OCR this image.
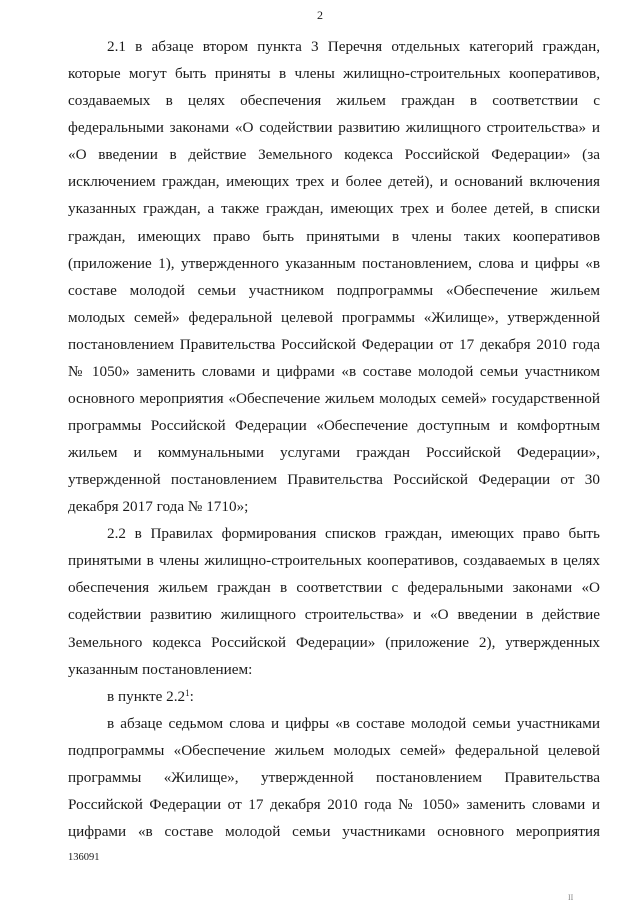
2
2.1 в абзаце втором пункта 3 Перечня отдельных категорий граждан,
которые могут быть приняты в члены жилищно-строительных кооперативов,
создаваемых в целях обеспечения жильем граждан в соответствии с
федеральными законами «О содействии развитию жилищного строительства» и
«О введении в действие Земельного кодекса Российской Федерации» (за
исключением граждан, имеющих трех и более детей), и оснований включения
указанных граждан, а также граждан, имеющих трех и более детей, в списки
граждан, имеющих право быть принятыми в члены таких кооперативов
(приложение 1), утвержденного указанным постановлением, слова и цифры «в
составе молодой семьи участником подпрограммы «Обеспечение жильем
молодых семей» федеральной целевой программы «Жилище», утвержденной
постановлением Правительства Российской Федерации от 17 декабря 2010 года
№ 1050» заменить словами и цифрами «в составе молодой семьи участником
основного мероприятия «Обеспечение жильем молодых семей» государственной
программы Российской Федерации «Обеспечение доступным и комфортным
жильем и коммунальными услугами граждан Российской Федерации»,
утвержденной постановлением Правительства Российской Федерации от 30
декабря 2017 года № 1710»;
2.2 в Правилах формирования списков граждан, имеющих право быть
принятыми в члены жилищно-строительных кооперативов, создаваемых в целях
обеспечения жильем граждан в соответствии с федеральными законами «О
содействии развитию жилищного строительства» и «О введении в действие
Земельного кодекса Российской Федерации» (приложение 2), утвержденных
указанным постановлением:
в пункте $2.2^1$:
в абзаце седьмом слова и цифры «в составе молодой семьи участниками
подпрограммы «Обеспечение жильем молодых семей» федеральной целевой
программы «Жилище», утвержденной постановлением Правительства
Российской Федерации от 17 декабря 2010 года № 1050» заменить словами и
цифрами «в составе молодой семьи участниками основного мероприятия
136091
II
